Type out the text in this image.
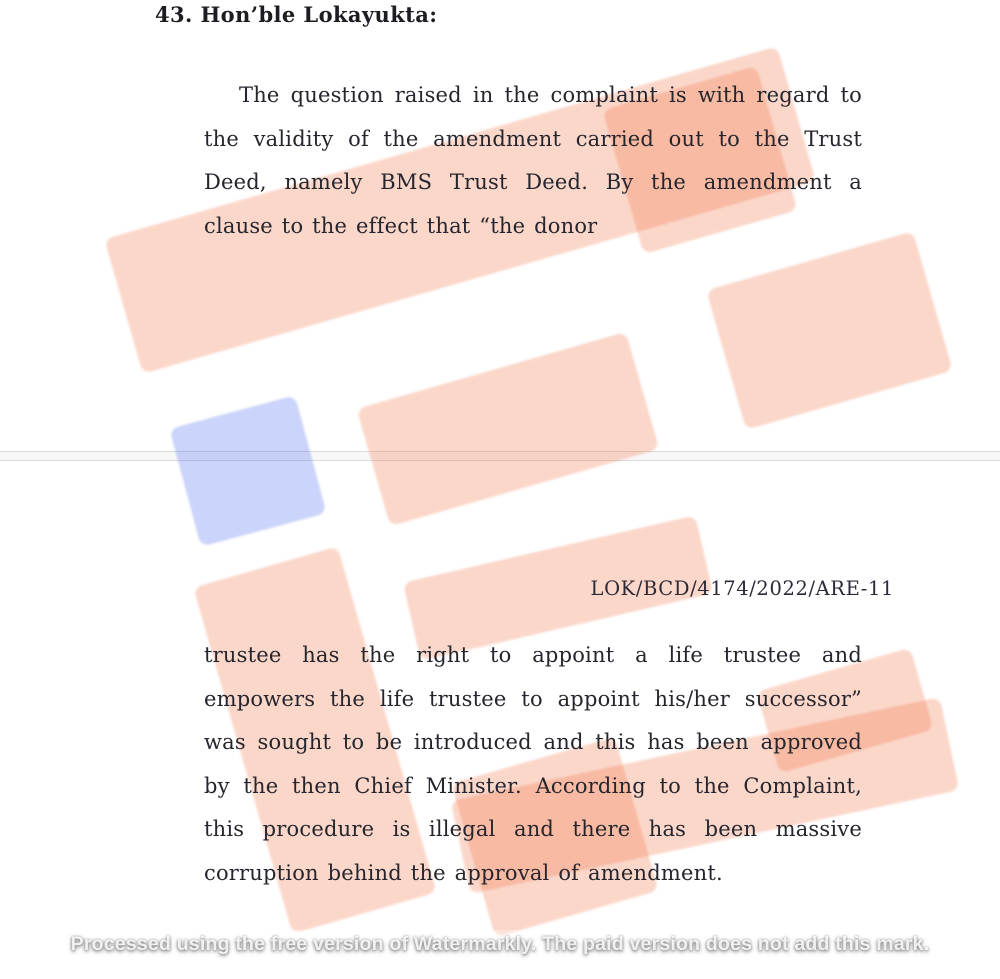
43. Hon’ble Lokayukta:
The question raised in the complaint is with regard to the validity of the amendment carried out to the Trust Deed, namely BMS Trust Deed. By the amendment a clause to the effect that “the donor
LOK/BCD/4174/2022/ARE-11
trustee has the right to appoint a life trustee and empowers the life trustee to appoint his/her successor” was sought to be introduced and this has been approved by the then Chief Minister. According to the Complaint, this procedure is illegal and there has been massive corruption behind the approval of amendment.
Processed using the free version of Watermarkly. The paid version does not add this mark.
